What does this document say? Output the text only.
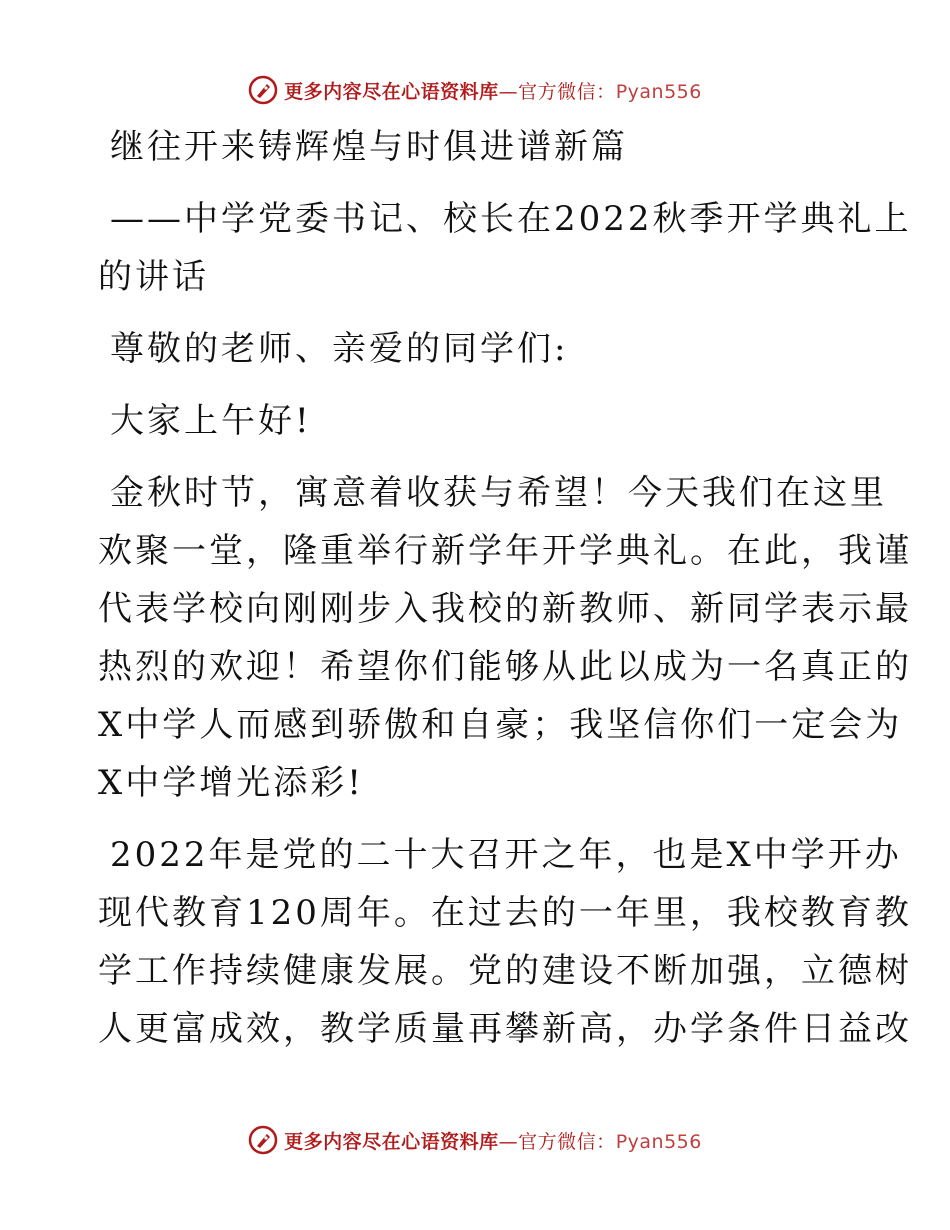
更多内容尽在心语资料库—官方微信：Pyan556
继往开来铸辉煌与时俱进谱新篇
——中学党委书记、校长在2022秋季开学典礼上
的讲话
尊敬的老师、亲爱的同学们:
大家上午好!
金秋时节，寓意着收获与希望！今天我们在这里
欢聚一堂，隆重举行新学年开学典礼。在此，我谨
代表学校向刚刚步入我校的新教师、新同学表示最
热烈的欢迎！希望你们能够从此以成为一名真正的
X中学人而感到骄傲和自豪；我坚信你们一定会为
X中学增光添彩!
2022年是党的二十大召开之年，也是X中学开办
现代教育120周年。在过去的一年里，我校教育教
学工作持续健康发展。党的建设不断加强，立德树
人更富成效，教学质量再攀新高，办学条件日益改
更多内容尽在心语资料库—官方微信：Pyan556
